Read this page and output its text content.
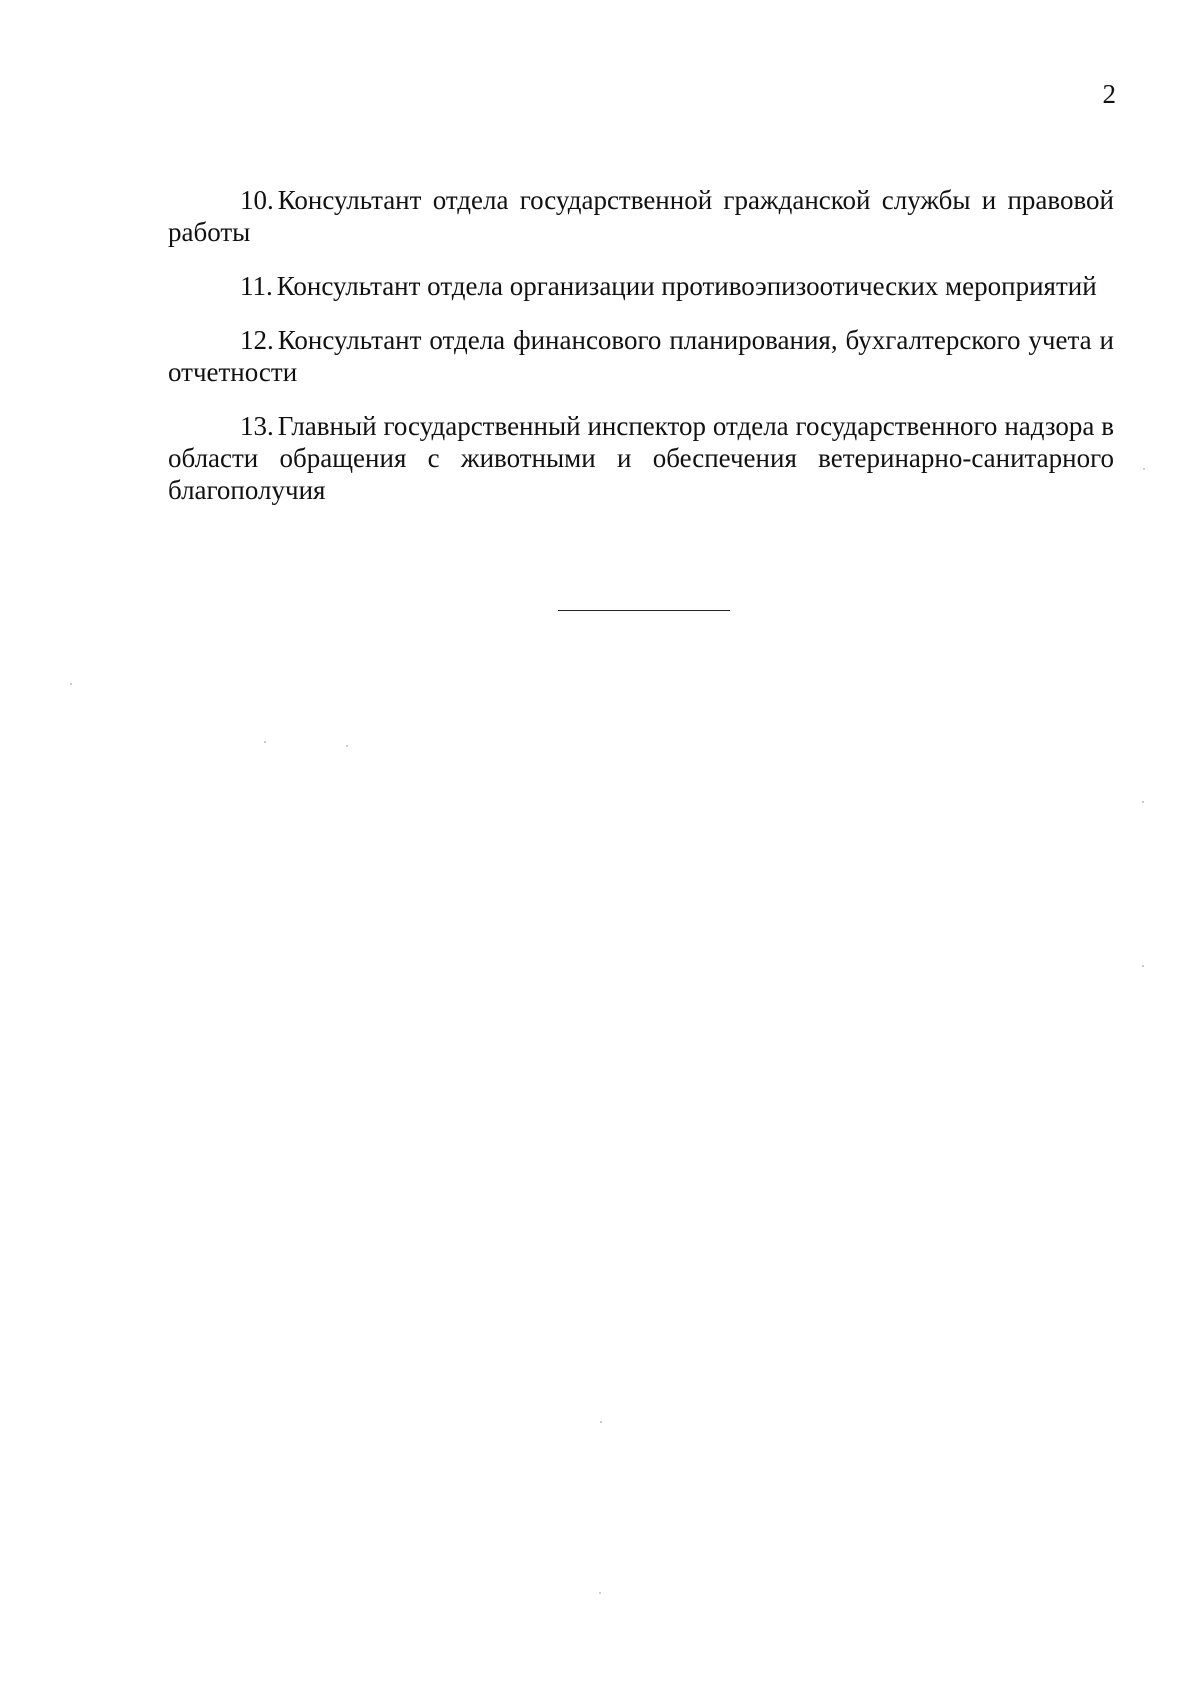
2

10. Консультант отдела государственной гражданской службы и правовой работы

11. Консультант отдела организации противоэпизоотических мероприятий

12. Консультант отдела финансового планирования, бухгалтерского учета и отчетности

13. Главный государственный инспектор отдела государственного надзора в области обращения с животными и обеспечения ветеринарно-санитарного благополучия
